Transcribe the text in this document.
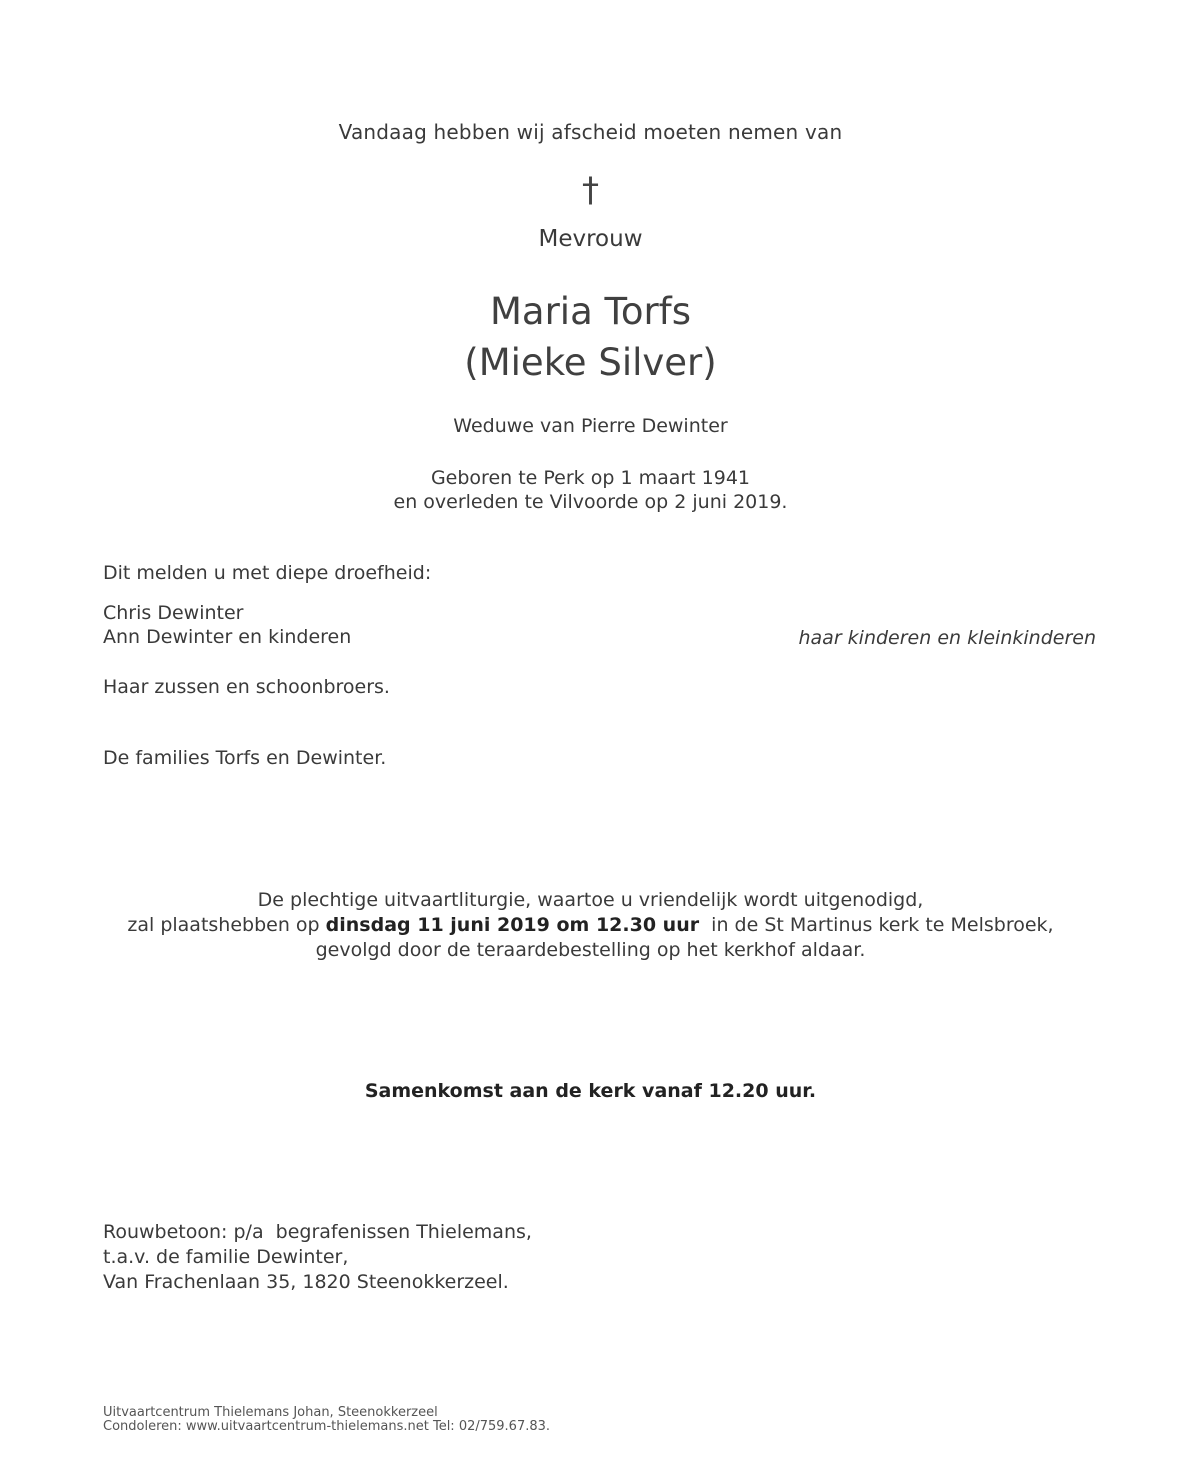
Vandaag hebben wij afscheid moeten nemen van

†

Mevrouw

Maria Torfs
(Mieke Silver)

Weduwe van Pierre Dewinter

Geboren te Perk op 1 maart 1941
en overleden te Vilvoorde op 2 juni 2019.

Dit melden u met diepe droefheid:

Chris Dewinter
Ann Dewinter en kinderen	haar kinderen en kleinkinderen

Haar zussen en schoonbroers.

De families Torfs en Dewinter.

De plechtige uitvaartliturgie, waartoe u vriendelijk wordt uitgenodigd,
zal plaatshebben op dinsdag 11 juni 2019 om 12.30 uur  in de St Martinus kerk te Melsbroek,
gevolgd door de teraardebestelling op het kerkhof aldaar.

Samenkomst aan de kerk vanaf 12.20 uur.

Rouwbetoon: p/a  begrafenissen Thielemans,
t.a.v. de familie Dewinter,
Van Frachenlaan 35, 1820 Steenokkerzeel.
Uitvaartcentrum Thielemans Johan, Steenokkerzeel
Condoleren: www.uitvaartcentrum-thielemans.net Tel: 02/759.67.83.
